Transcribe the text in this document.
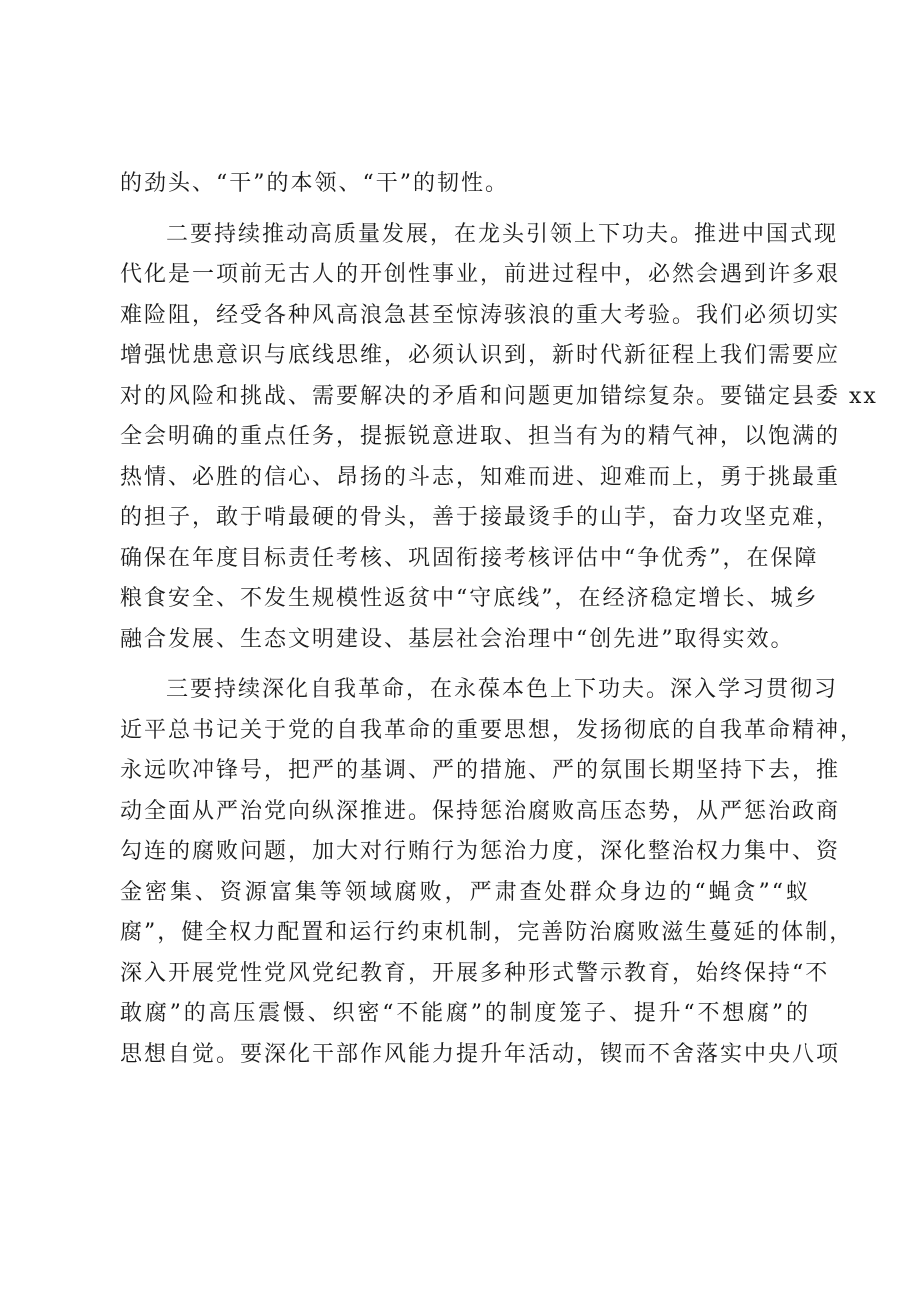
的劲头、“干”的本领、“干”的韧性。
二要持续推动高质量发展，在龙头引领上下功夫。推进中国式现
代化是一项前无古人的开创性事业，前进过程中，必然会遇到许多艰
难险阻，经受各种风高浪急甚至惊涛骇浪的重大考验。我们必须切实
增强忧患意识与底线思维，必须认识到，新时代新征程上我们需要应
对的风险和挑战、需要解决的矛盾和问题更加错综复杂。要锚定县委 xx
全会明确的重点任务，提振锐意进取、担当有为的精气神，以饱满的
热情、必胜的信心、昂扬的斗志，知难而进、迎难而上，勇于挑最重
的担子，敢于啃最硬的骨头，善于接最烫手的山芋，奋力攻坚克难，
确保在年度目标责任考核、巩固衔接考核评估中“争优秀”，在保障
粮食安全、不发生规模性返贫中“守底线”，在经济稳定增长、城乡
融合发展、生态文明建设、基层社会治理中“创先进”取得实效。
三要持续深化自我革命，在永葆本色上下功夫。深入学习贯彻习
近平总书记关于党的自我革命的重要思想，发扬彻底的自我革命精神，
永远吹冲锋号，把严的基调、严的措施、严的氛围长期坚持下去，推
动全面从严治党向纵深推进。保持惩治腐败高压态势，从严惩治政商
勾连的腐败问题，加大对行贿行为惩治力度，深化整治权力集中、资
金密集、资源富集等领域腐败，严肃查处群众身边的“蝇贪”“蚁
腐”，健全权力配置和运行约束机制，完善防治腐败滋生蔓延的体制，
深入开展党性党风党纪教育，开展多种形式警示教育，始终保持“不
敢腐”的高压震慑、织密“不能腐”的制度笼子、提升“不想腐”的
思想自觉。要深化干部作风能力提升年活动，锲而不舍落实中央八项
